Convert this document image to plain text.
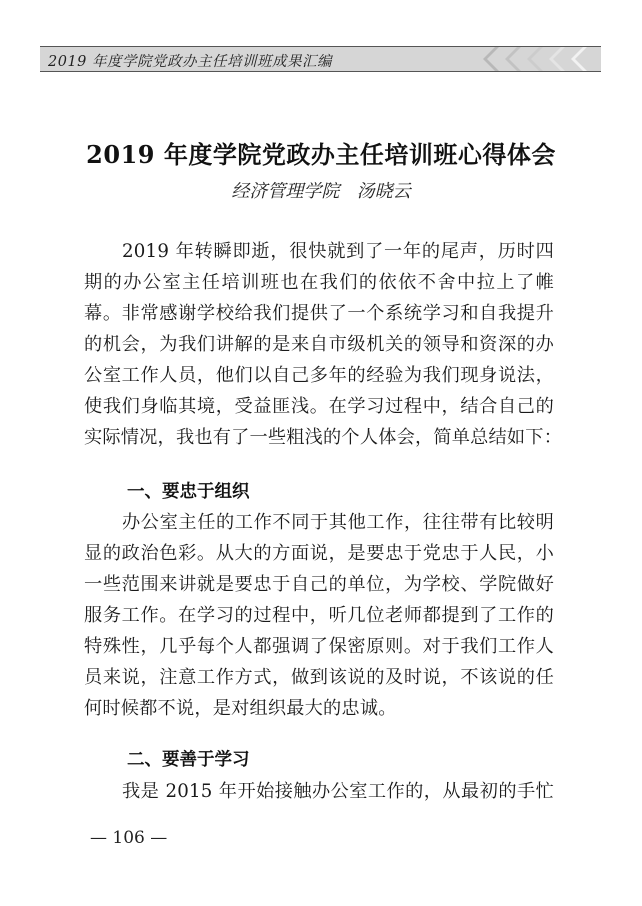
2019 年度学院党政办主任培训班成果汇编
2019 年度学院党政办主任培训班心得体会
经济管理学院   汤晓云
2019 年转瞬即逝，很快就到了一年的尾声，历时四
期的办公室主任培训班也在我们的依依不舍中拉上了帷
幕。非常感谢学校给我们提供了一个系统学习和自我提升
的机会，为我们讲解的是来自市级机关的领导和资深的办
公室工作人员，他们以自己多年的经验为我们现身说法，
使我们身临其境，受益匪浅。在学习过程中，结合自己的
实际情况，我也有了一些粗浅的个人体会，简单总结如下：
一、要忠于组织
办公室主任的工作不同于其他工作，往往带有比较明
显的政治色彩。从大的方面说，是要忠于党忠于人民，小
一些范围来讲就是要忠于自己的单位，为学校、学院做好
服务工作。在学习的过程中，听几位老师都提到了工作的
特殊性，几乎每个人都强调了保密原则。对于我们工作人
员来说，注意工作方式，做到该说的及时说，不该说的任
何时候都不说，是对组织最大的忠诚。
二、要善于学习
我是 2015 年开始接触办公室工作的，从最初的手忙
— 106 —
